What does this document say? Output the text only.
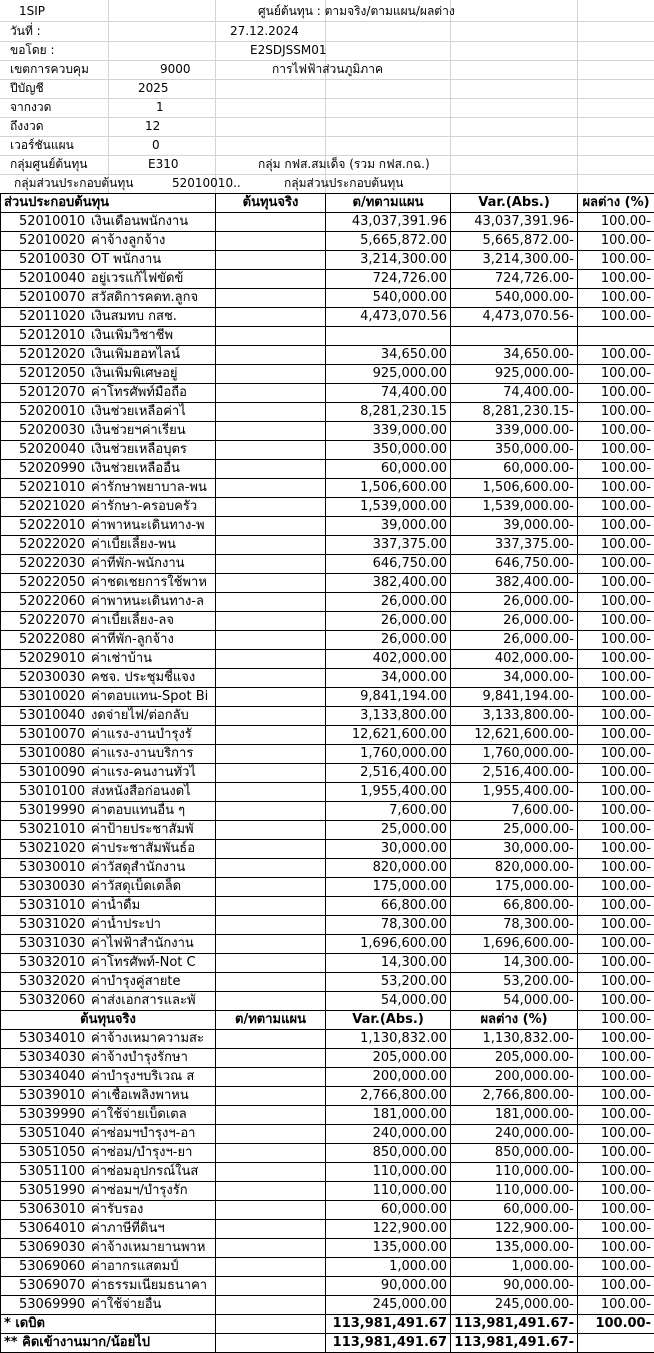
1SIP	ศูนย์ต้นทุน : ตามจริง/ตามแผน/ผลต่าง
วันที่ :	27.12.2024
ขอโดย :	E2SDJSSM01
เขตการควบคุม	9000	การไฟฟ้าส่วนภูมิภาค
ปีบัญชี	2025
จากงวด	1
ถึงงวด	12
เวอร์ชันแผน	0
กลุ่มศูนย์ต้นทุน	E310	กลุ่ม กฟส.สมเด็จ (รวม กฟส.กฉ.)
กลุ่มส่วนประกอบต้นทุน	52010010..	กลุ่มส่วนประกอบต้นทุน
ส่วนประกอบต้นทุน	ต้นทุนจริง	ต/ทตามแผน	Var.(Abs.)	ผลต่าง (%)
52010010 เงินเดือนพนักงาน		43,037,391.96	43,037,391.96-	100.00-
52010020 ค่าจ้างลูกจ้าง		5,665,872.00	5,665,872.00-	100.00-
52010030 OT พนักงาน		3,214,300.00	3,214,300.00-	100.00-
52010040 อยู่เวรแก้ไฟขัดข้		724,726.00	724,726.00-	100.00-
52010070 สวัสดิการคดท.ลูกจ		540,000.00	540,000.00-	100.00-
52011020 เงินสมทบ กสช.		4,473,070.56	4,473,070.56-	100.00-
52012010 เงินเพิ่มวิชาชีพ				
52012020 เงินเพิ่มฮอทไลน์		34,650.00	34,650.00-	100.00-
52012050 เงินเพิ่มพิเศษอยู่		925,000.00	925,000.00-	100.00-
52012070 ค่าโทรศัพท์มือถือ		74,400.00	74,400.00-	100.00-
52020010 เงินช่วยเหลือค่าไ		8,281,230.15	8,281,230.15-	100.00-
52020030 เงินช่วยฯค่าเรียน		339,000.00	339,000.00-	100.00-
52020040 เงินช่วยเหลือบุตร		350,000.00	350,000.00-	100.00-
52020990 เงินช่วยเหลืออื่น		60,000.00	60,000.00-	100.00-
52021010 ค่ารักษาพยาบาล-พน		1,506,600.00	1,506,600.00-	100.00-
52021020 ค่ารักษา-ครอบครัว		1,539,000.00	1,539,000.00-	100.00-
52022010 ค่าพาหนะเดินทาง-พ		39,000.00	39,000.00-	100.00-
52022020 ค่าเบี้ยเลี้ยง-พน		337,375.00	337,375.00-	100.00-
52022030 ค่าที่พัก-พนักงาน		646,750.00	646,750.00-	100.00-
52022050 ค่าชดเชยการใช้พาห		382,400.00	382,400.00-	100.00-
52022060 ค่าพาหนะเดินทาง-ล		26,000.00	26,000.00-	100.00-
52022070 ค่าเบี้ยเลี้ยง-ลจ		26,000.00	26,000.00-	100.00-
52022080 ค่าที่พัก-ลูกจ้าง		26,000.00	26,000.00-	100.00-
52029010 ค่าเช่าบ้าน		402,000.00	402,000.00-	100.00-
52030030 คชจ. ประชุมชี้แจง		34,000.00	34,000.00-	100.00-
53010020 ค่าตอบแทน-Spot Bi		9,841,194.00	9,841,194.00-	100.00-
53010040 งดจ่ายไฟ/ต่อกลับ		3,133,800.00	3,133,800.00-	100.00-
53010070 ค่าแรง-งานบำรุงรั		12,621,600.00	12,621,600.00-	100.00-
53010080 ค่าแรง-งานบริการ		1,760,000.00	1,760,000.00-	100.00-
53010090 ค่าแรง-คนงานทั่วไ		2,516,400.00	2,516,400.00-	100.00-
53010100 ส่งหนังสือก่อนงดไ		1,955,400.00	1,955,400.00-	100.00-
53019990 ค่าตอบแทนอื่น ๆ		7,600.00	7,600.00-	100.00-
53021010 ค่าป้ายประชาสัมพั		25,000.00	25,000.00-	100.00-
53021020 ค่าประชาสัมพันธ์อ		30,000.00	30,000.00-	100.00-
53030010 ค่าวัสดุสำนักงาน		820,000.00	820,000.00-	100.00-
53030030 ค่าวัสดุเบ็ดเตล็ด		175,000.00	175,000.00-	100.00-
53031010 ค่าน้ำดื่ม		66,800.00	66,800.00-	100.00-
53031020 ค่าน้ำประปา		78,300.00	78,300.00-	100.00-
53031030 ค่าไฟฟ้าสำนักงาน		1,696,600.00	1,696,600.00-	100.00-
53032010 ค่าโทรศัพท์-Not C		14,300.00	14,300.00-	100.00-
53032020 ค่าบำรุงคู่สายte		53,200.00	53,200.00-	100.00-
53032060 ค่าส่งเอกสารและพั		54,000.00	54,000.00-	100.00-
ต้นทุนจริง	ต/ทตามแผน	Var.(Abs.)	ผลต่าง (%)	100.00-
53034010 ค่าจ้างเหมาความสะ		1,130,832.00	1,130,832.00-	100.00-
53034030 ค่าจ้างบำรุงรักษา		205,000.00	205,000.00-	100.00-
53034040 ค่าบำรุงฯบริเวณ ส		200,000.00	200,000.00-	100.00-
53039010 ค่าเชื้อเพลิงพาหน		2,766,800.00	2,766,800.00-	100.00-
53039990 ค่าใช้จ่ายเบ็ดเตล		181,000.00	181,000.00-	100.00-
53051040 ค่าซ่อมฯบำรุงฯ-อา		240,000.00	240,000.00-	100.00-
53051050 ค่าซ่อม/บำรุงฯ-ยา		850,000.00	850,000.00-	100.00-
53051100 ค่าซ่อมอุปกรณ์ในส		110,000.00	110,000.00-	100.00-
53051990 ค่าซ่อมฯ/บำรุงรัก		110,000.00	110,000.00-	100.00-
53063010 ค่ารับรอง		60,000.00	60,000.00-	100.00-
53064010 ค่าภาษีที่ดินฯ		122,900.00	122,900.00-	100.00-
53069030 ค่าจ้างเหมายานพาห		135,000.00	135,000.00-	100.00-
53069060 ค่าอากรแสตมป์		1,000.00	1,000.00-	100.00-
53069070 ค่าธรรมเนียมธนาคา		90,000.00	90,000.00-	100.00-
53069990 ค่าใช้จ่ายอื่น		245,000.00	245,000.00-	100.00-
* เดบิต		113,981,491.67	113,981,491.67-	100.00-
** คิดเข้างานมาก/น้อยไป		113,981,491.67	113,981,491.67-	
